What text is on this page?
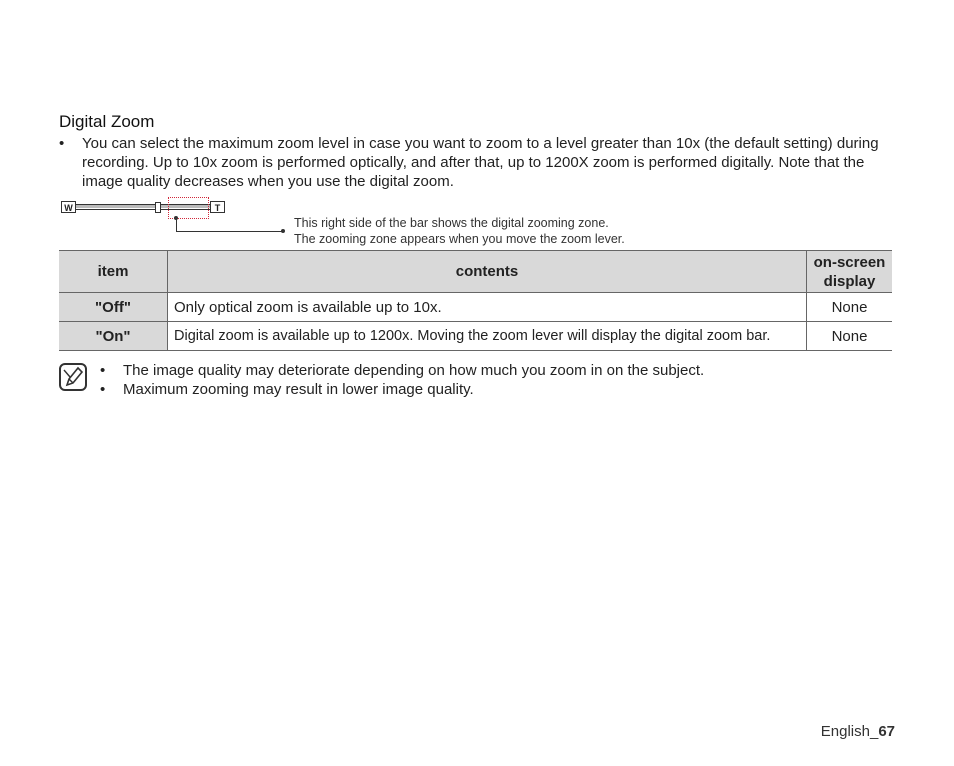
Digital Zoom
• You can select the maximum zoom level in case you want to zoom to a level greater than 10x (the default setting) during recording. Up to 10x zoom is performed optically, and after that, up to 1200X zoom is performed digitally. Note that the image quality decreases when you use the digital zoom.
W	T
This right side of the bar shows the digital zooming zone.
The zooming zone appears when you move the zoom lever.
item	contents	on-screen
display

"Off"	Only optical zoom is available up to 10x.	None
"On"	Digital zoom is available up to 1200x. Moving the zoom lever will display the digital zoom bar.	None
• The image quality may deteriorate depending on how much you zoom in on the subject.
• Maximum zooming may result in lower image quality.
English_67
